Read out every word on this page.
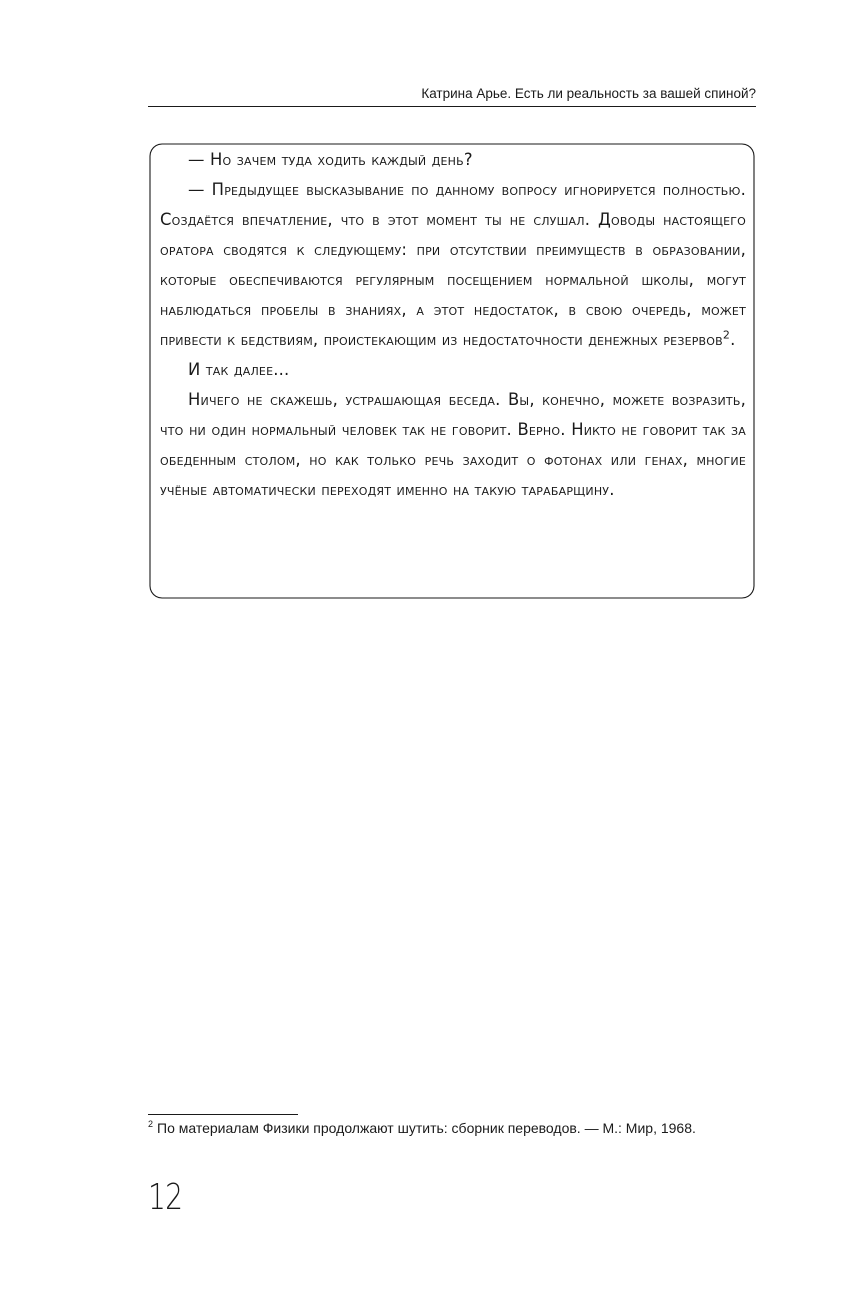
Катрина Арье. Есть ли реальность за вашей спиной?

— Но зачем туда ходить каждый день?

— Предыдущее высказывание по данному вопросу игнорируется полностью. Создаётся впечатление, что в этот момент ты не слушал. Доводы настоящего оратора сводятся к следующему: при отсутствии преимуществ в образовании, которые обеспечиваются регулярным посещением нормальной школы, могут наблюдаться пробелы в знаниях, а этот недостаток, в свою очередь, может привести к бедствиям, проистекающим из недостаточности денежных резервов$^2$.

И так далее...

Ничего не скажешь, устрашающая беседа. Вы, конечно, можете возразить, что ни один нормальный человек так не говорит. Верно. Никто не говорит так за обеденным столом, но как только речь заходит о фотонах или генах, многие учёные автоматически переходят именно на такую тарабарщину.

$^2$ По материалам Физики продолжают шутить: сборник переводов. — М.: Мир, 1968.
12
